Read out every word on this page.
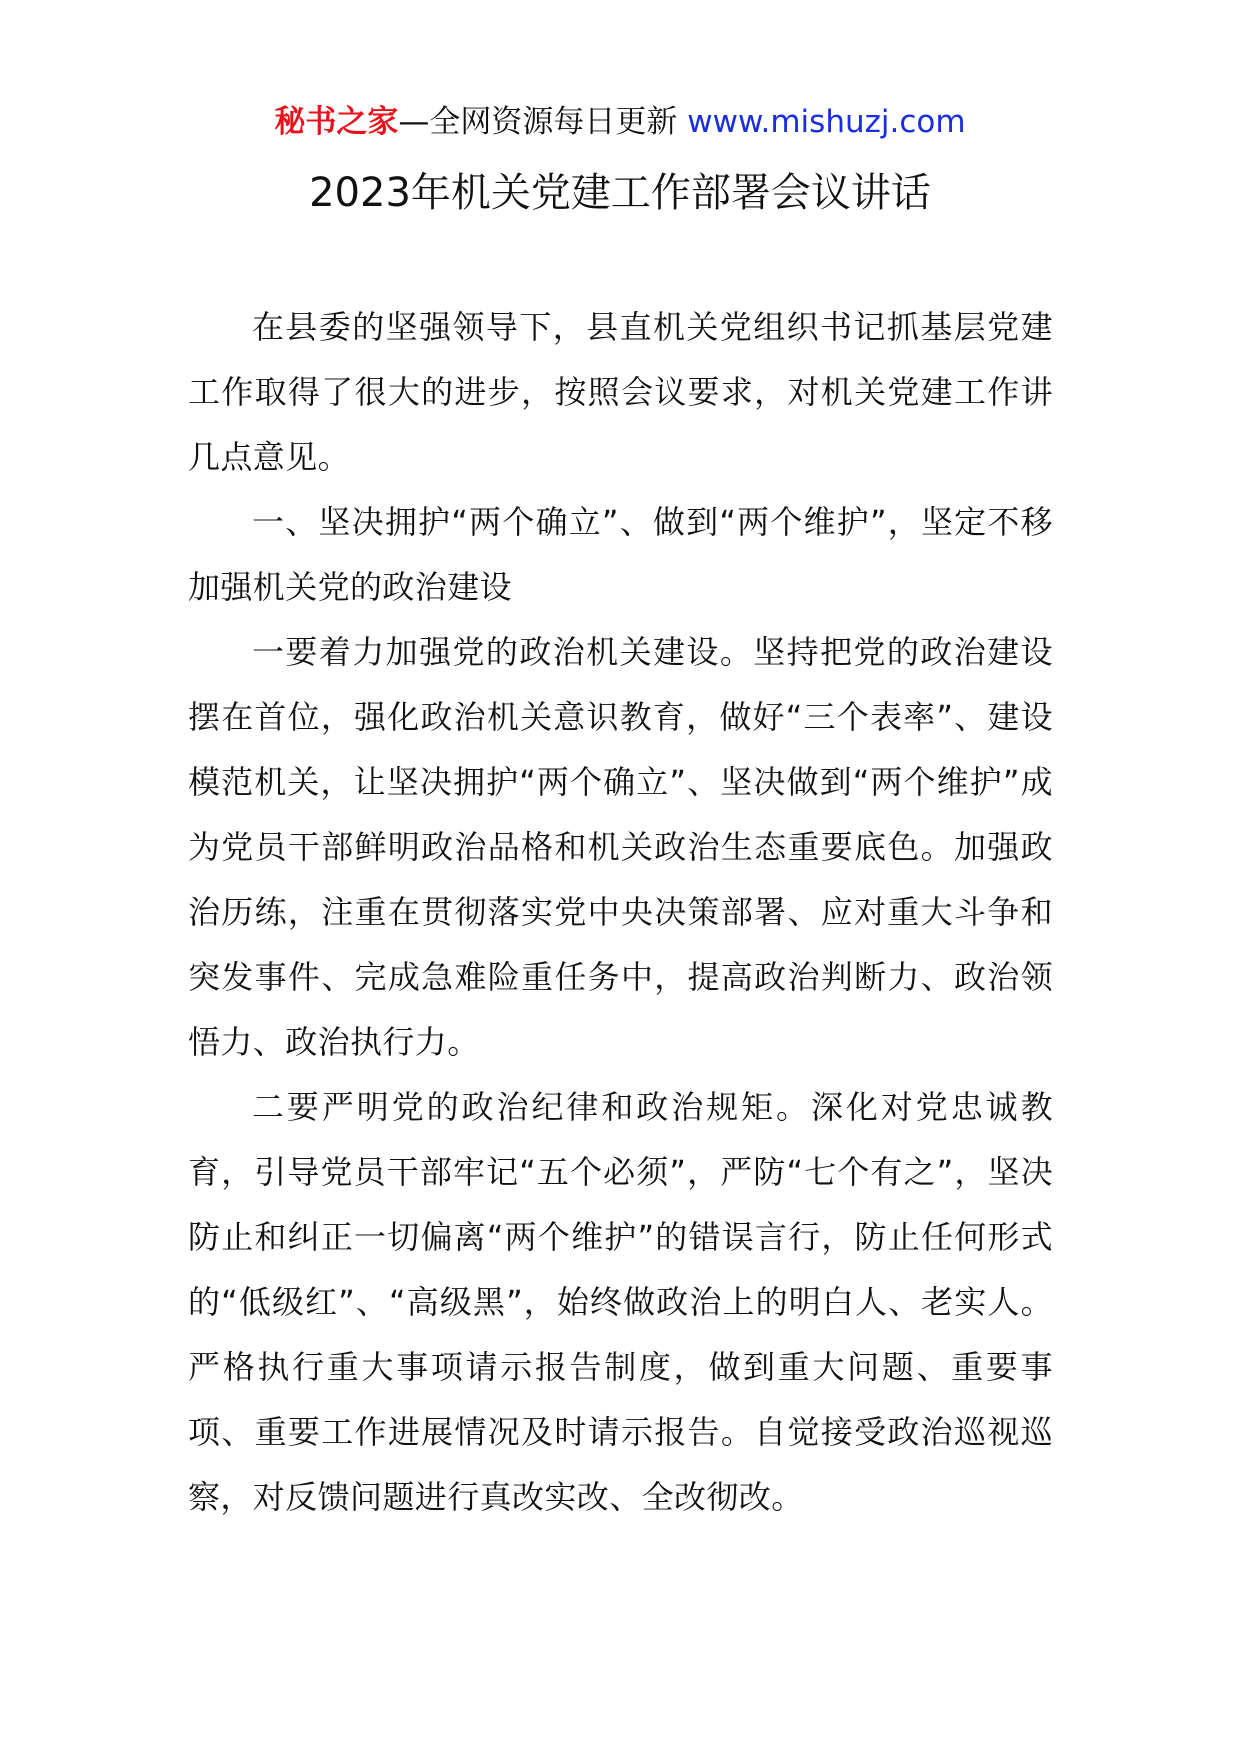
秘书之家—全网资源每日更新 www.mishuzj.com
2023年机关党建工作部署会议讲话

在县委的坚强领导下，县直机关党组织书记抓基层党建工作取得了很大的进步，按照会议要求，对机关党建工作讲几点意见。

一、坚决拥护“两个确立”、做到“两个维护”，坚定不移加强机关党的政治建设

一要着力加强党的政治机关建设。坚持把党的政治建设摆在首位，强化政治机关意识教育，做好“三个表率”、建设模范机关，让坚决拥护“两个确立”、坚决做到“两个维护”成为党员干部鲜明政治品格和机关政治生态重要底色。加强政治历练，注重在贯彻落实党中央决策部署、应对重大斗争和突发事件、完成急难险重任务中，提高政治判断力、政治领悟力、政治执行力。

二要严明党的政治纪律和政治规矩。深化对党忠诚教育，引导党员干部牢记“五个必须”，严防“七个有之”，坚决防止和纠正一切偏离“两个维护”的错误言行，防止任何形式的“低级红”、“高级黑”，始终做政治上的明白人、老实人。严格执行重大事项请示报告制度，做到重大问题、重要事项、重要工作进展情况及时请示报告。自觉接受政治巡视巡察，对反馈问题进行真改实改、全改彻改。
